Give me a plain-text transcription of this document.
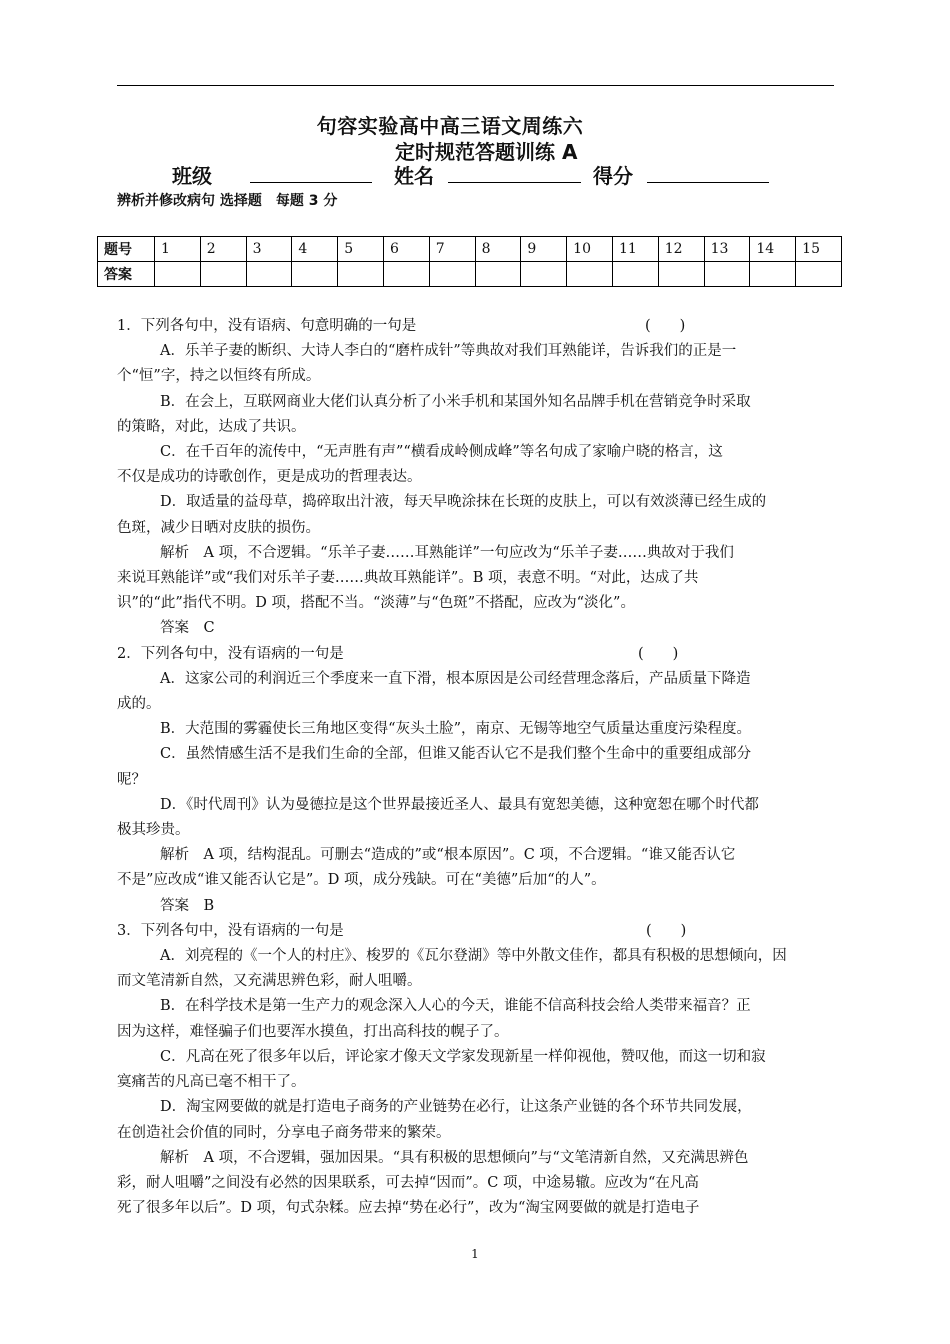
句容实验高中高三语文周练六
定时规范答题训练 A
班级	姓名	得分
辨析并修改病句 选择题　每题 3 分
题号	1	2	3	4	5	6	7	8	9	10	11	12	13	14	15
答案															
1．下列各句中，没有语病、句意明确的一句是	(　　)
A．乐羊子妻的断织、大诗人李白的“磨杵成针”等典故对我们耳熟能详，告诉我们的正是一
个“恒”字，持之以恒终有所成。
B．在会上，互联网商业大佬们认真分析了小米手机和某国外知名品牌手机在营销竞争时采取
的策略，对此，达成了共识。
C．在千百年的流传中，“无声胜有声”“横看成岭侧成峰”等名句成了家喻户晓的格言，这
不仅是成功的诗歌创作，更是成功的哲理表达。
D．取适量的益母草，捣碎取出汁液，每天早晚涂抹在长斑的皮肤上，可以有效淡薄已经生成的
色斑，减少日晒对皮肤的损伤。
解析　A 项，不合逻辑。“乐羊子妻……耳熟能详”一句应改为“乐羊子妻……典故对于我们
来说耳熟能详”或“我们对乐羊子妻……典故耳熟能详”。B 项，表意不明。“对此，达成了共
识”的“此”指代不明。D 项，搭配不当。“淡薄”与“色斑”不搭配，应改为“淡化”。
答案　C
2．下列各句中，没有语病的一句是	(　　)
A．这家公司的利润近三个季度来一直下滑，根本原因是公司经营理念落后，产品质量下降造
成的。
B．大范围的雾霾使长三角地区变得“灰头土脸”，南京、无锡等地空气质量达重度污染程度。
C．虽然情感生活不是我们生命的全部，但谁又能否认它不是我们整个生命中的重要组成部分
呢？
D．《时代周刊》认为曼德拉是这个世界最接近圣人、最具有宽恕美德，这种宽恕在哪个时代都
极其珍贵。
解析　A 项，结构混乱。可删去“造成的”或“根本原因”。C 项，不合逻辑。“谁又能否认它
不是”应改成“谁又能否认它是”。D 项，成分残缺。可在“美德”后加“的人”。
答案　B
3．下列各句中，没有语病的一句是	(　　)
A．刘亮程的《一个人的村庄》、梭罗的《瓦尔登湖》等中外散文佳作，都具有积极的思想倾向，因
而文笔清新自然，又充满思辨色彩，耐人咀嚼。
B．在科学技术是第一生产力的观念深入人心的今天，谁能不信高科技会给人类带来福音？正
因为这样，难怪骗子们也要浑水摸鱼，打出高科技的幌子了。
C．凡高在死了很多年以后，评论家才像天文学家发现新星一样仰视他，赞叹他，而这一切和寂
寞痛苦的凡高已毫不相干了。
D．淘宝网要做的就是打造电子商务的产业链势在必行，让这条产业链的各个环节共同发展，
在创造社会价值的同时，分享电子商务带来的繁荣。
解析　A 项，不合逻辑，强加因果。“具有积极的思想倾向”与“文笔清新自然，又充满思辨色
彩，耐人咀嚼”之间没有必然的因果联系，可去掉“因而”。C 项，中途易辙。应改为“在凡高
死了很多年以后”。D 项，句式杂糅。应去掉“势在必行”，改为“淘宝网要做的就是打造电子
1
